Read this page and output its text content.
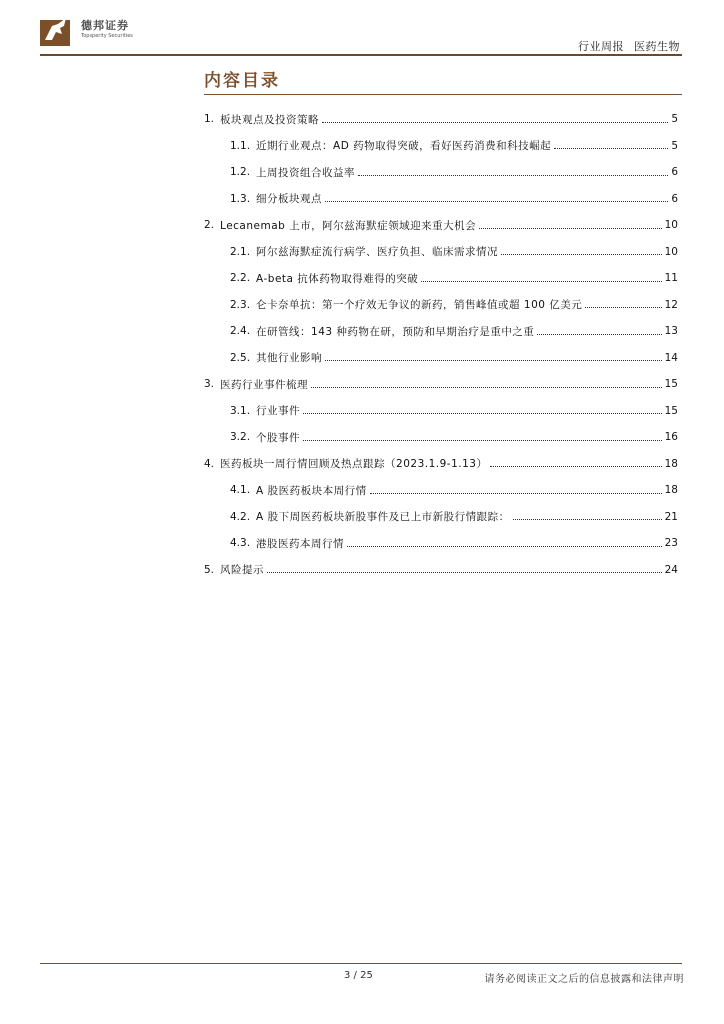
德邦证券
Topsperity Securities
行业周报 医药生物
内容目录
1. 板块观点及投资策略	5
1.1. 近期行业观点：AD 药物取得突破，看好医药消费和科技崛起	5
1.2. 上周投资组合收益率	6
1.3. 细分板块观点	6
2. Lecanemab 上市，阿尔兹海默症领域迎来重大机会	10
2.1. 阿尔兹海默症流行病学、医疗负担、临床需求情况	10
2.2. A-beta 抗体药物取得难得的突破	11
2.3. 仑卡奈单抗：第一个疗效无争议的新药，销售峰值或超 100 亿美元	12
2.4. 在研管线：143 种药物在研，预防和早期治疗是重中之重	13
2.5. 其他行业影响	14
3. 医药行业事件梳理	15
3.1. 行业事件	15
3.2. 个股事件	16
4. 医药板块一周行情回顾及热点跟踪（2023.1.9-1.13）	18
4.1. A 股医药板块本周行情	18
4.2. A 股下周医药板块新股事件及已上市新股行情跟踪：	21
4.3. 港股医药本周行情	23
5. 风险提示	24
3 / 25	请务必阅读正文之后的信息披露和法律声明
